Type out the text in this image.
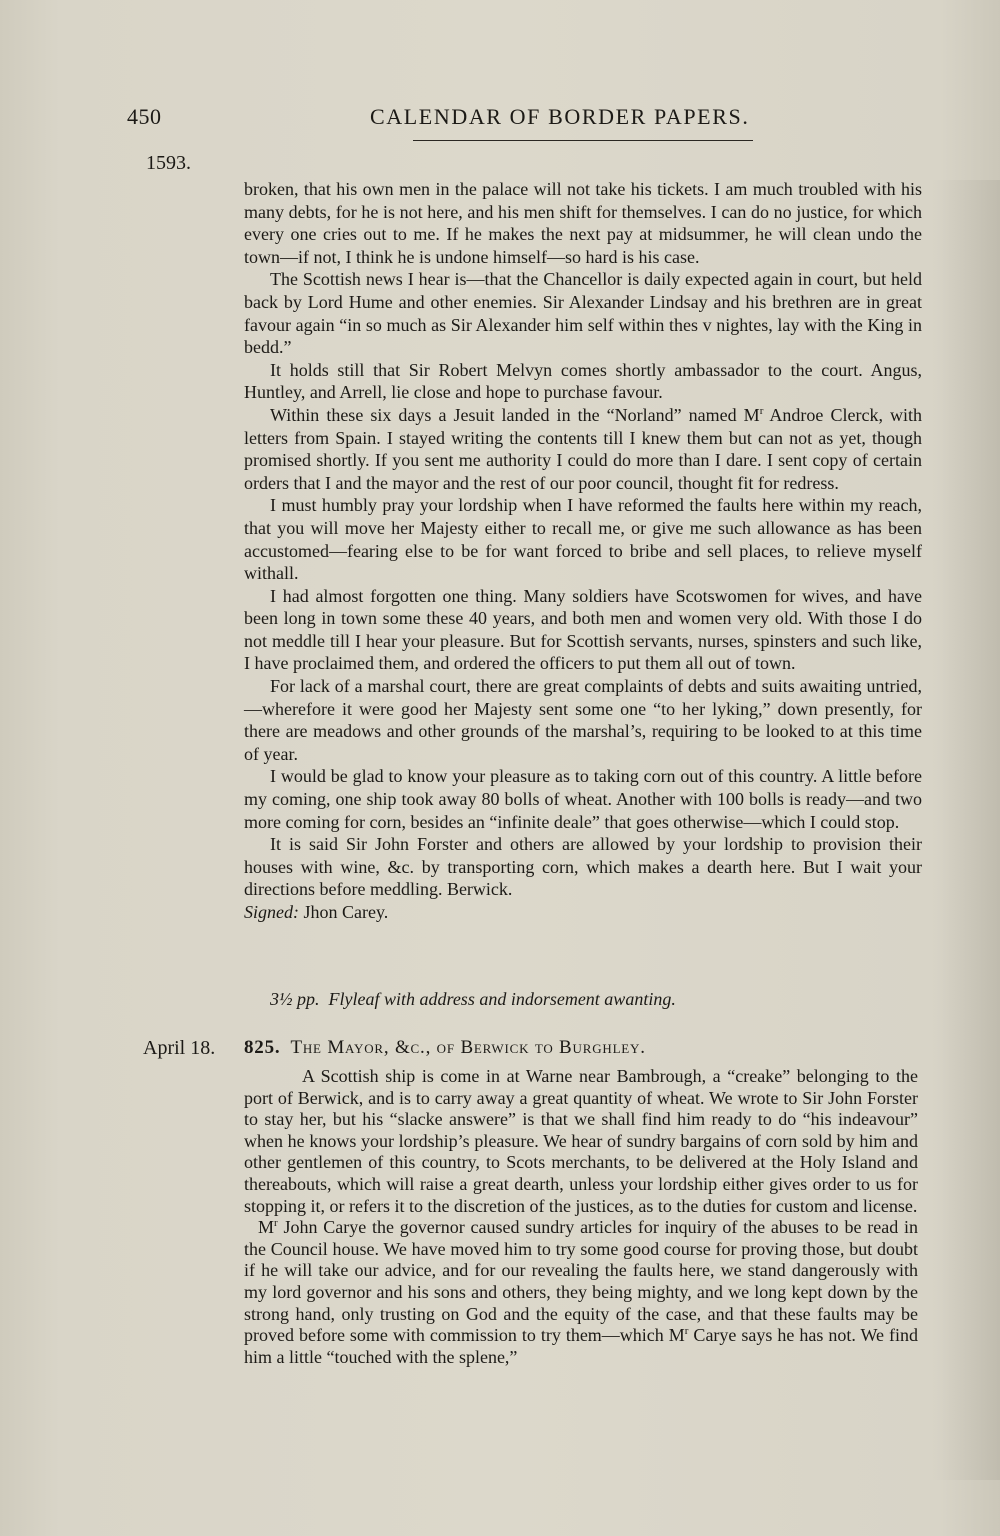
450	CALENDAR OF BORDER PAPERS.
1593.

broken, that his own men in the palace will not take his tickets. I am much troubled with his many debts, for he is not here, and his men shift for themselves. I can do no justice, for which every one cries out to me. If he makes the next pay at midsummer, he will clean undo the town—if not, I think he is undone himself—so hard is his case.

The Scottish news I hear is—that the Chancellor is daily expected again in court, but held back by Lord Hume and other enemies. Sir Alexander Lindsay and his brethren are in great favour again “in so much as Sir Alexander him self within thes v nightes, lay with the King in bedd.”

It holds still that Sir Robert Melvyn comes shortly ambassador to the court. Angus, Huntley, and Arrell, lie close and hope to purchase favour.

Within these six days a Jesuit landed in the “Norland” named $M^r$ Androe Clerck, with letters from Spain. I stayed writing the contents till I knew them but can not as yet, though promised shortly. If you sent me authority I could do more than I dare. I sent copy of certain orders that I and the mayor and the rest of our poor council, thought fit for redress.

I must humbly pray your lordship when I have reformed the faults here within my reach, that you will move her Majesty either to recall me, or give me such allowance as has been accustomed—fearing else to be for want forced to bribe and sell places, to relieve myself withall.

I had almost forgotten one thing. Many soldiers have Scotswomen for wives, and have been long in town some these 40 years, and both men and women very old. With those I do not meddle till I hear your pleasure. But for Scottish servants, nurses, spinsters and such like, I have proclaimed them, and ordered the officers to put them all out of town.

For lack of a marshal court, there are great complaints of debts and suits awaiting untried,—wherefore it were good her Majesty sent some one “to her lyking,” down presently, for there are meadows and other grounds of the marshal’s, requiring to be looked to at this time of year.

I would be glad to know your pleasure as to taking corn out of this country. A little before my coming, one ship took away 80 bolls of wheat. Another with 100 bolls is ready—and two more coming for corn, besides an “infinite deale” that goes otherwise—which I could stop.

It is said Sir John Forster and others are allowed by your lordship to provision their houses with wine, &c. by transporting corn, which makes a dearth here. But I wait your directions before meddling. Berwick.

Signed: Jhon Carey.

3½ pp. Flyleaf with address and indorsement awanting.
April 18. 825. The Mayor, &c., of Berwick to Burghley.

A Scottish ship is come in at Warne near Bambrough, a “creake” belonging to the port of Berwick, and is to carry away a great quantity of wheat. We wrote to Sir John Forster to stay her, but his “slacke answere” is that we shall find him ready to do “his indeavour” when he knows your lordship’s pleasure. We hear of sundry bargains of corn sold by him and other gentlemen of this country, to Scots merchants, to be delivered at the Holy Island and thereabouts, which will raise a great dearth, unless your lordship either gives order to us for stopping it, or refers it to the discretion of the justices, as to the duties for custom and license.

$M^r$ John Carye the governor caused sundry articles for inquiry of the abuses to be read in the Council house. We have moved him to try some good course for proving those, but doubt if he will take our advice, and for our revealing the faults here, we stand dangerously with my lord governor and his sons and others, they being mighty, and we long kept down by the strong hand, only trusting on God and the equity of the case, and that these faults may be proved before some with commission to try them—which $M^r$ Carye says he has not. We find him a little “touched with the splene,”
